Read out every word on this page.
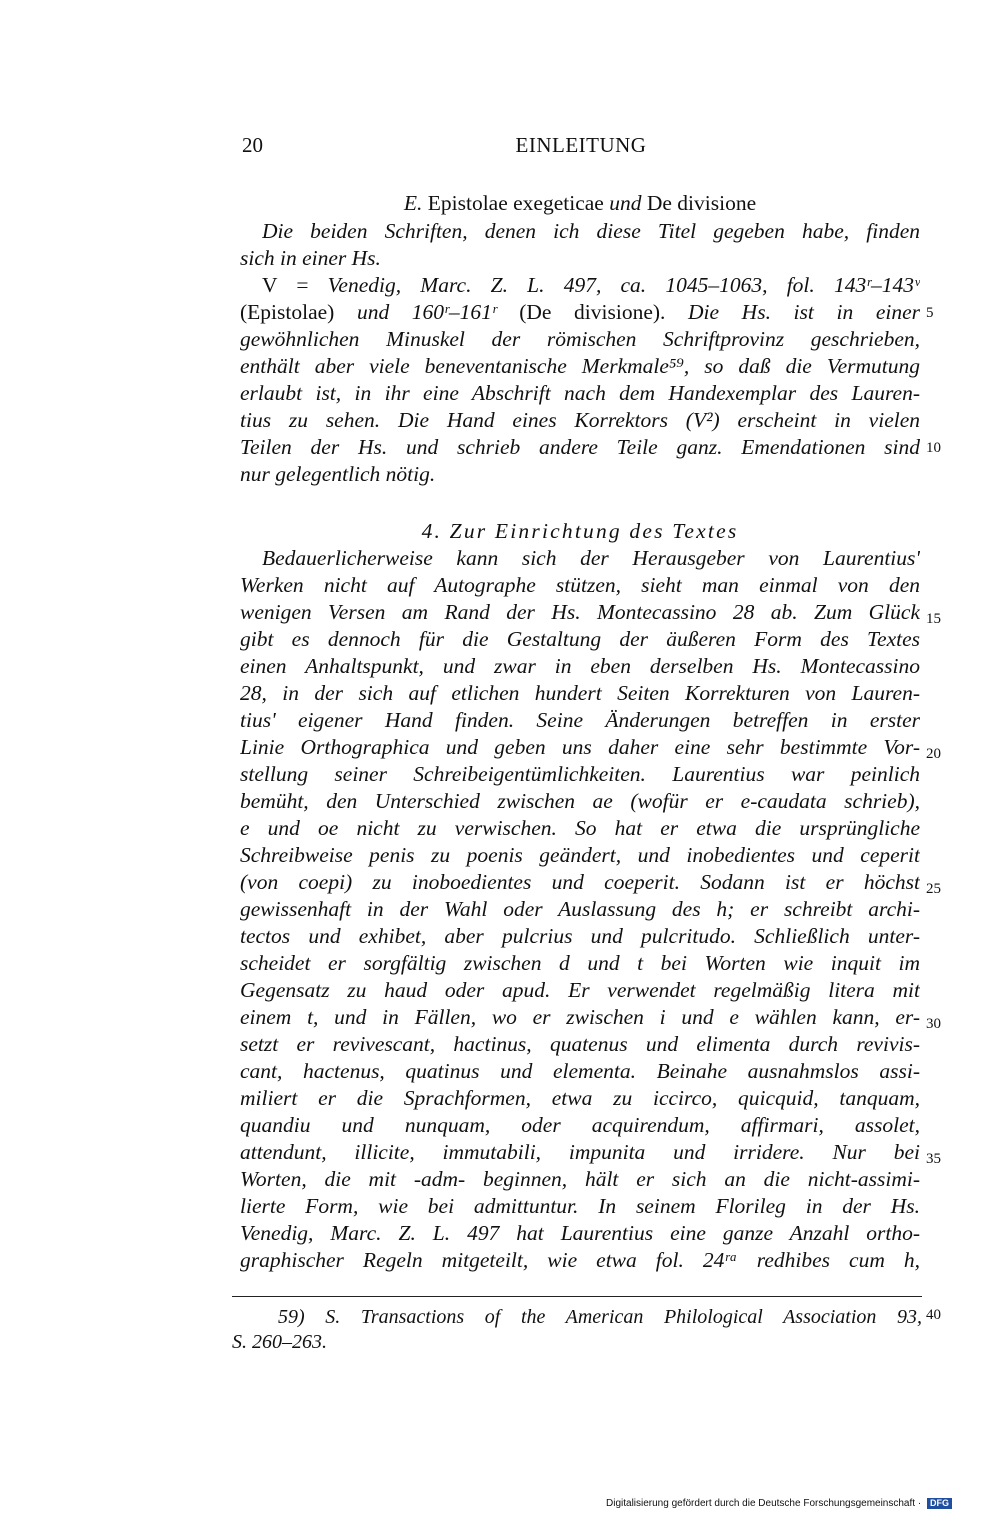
20	EINLEITUNG
E. Epistolae exegeticae und De divisione
Die beiden Schriften, denen ich diese Titel gegeben habe, finden
sich in einer Hs.
V = Venedig, Marc. Z. L. 497, ca. 1045–1063, fol. 143ʳ–143ᵛ
(Epistolae) und 160ʳ–161ʳ (De divisione). Die Hs. ist in einer
gewöhnlichen Minuskel der römischen Schriftprovinz geschrieben,
enthält aber viele beneventanische Merkmale⁵⁹, so daß die Vermutung
erlaubt ist, in ihr eine Abschrift nach dem Handexemplar des Lauren-
tius zu sehen. Die Hand eines Korrektors (V²) erscheint in vielen
Teilen der Hs. und schrieb andere Teile ganz. Emendationen sind
nur gelegentlich nötig.
4. Zur Einrichtung des Textes
Bedauerlicherweise kann sich der Herausgeber von Laurentius'
Werken nicht auf Autographe stützen, sieht man einmal von den
wenigen Versen am Rand der Hs. Montecassino 28 ab. Zum Glück
gibt es dennoch für die Gestaltung der äußeren Form des Textes
einen Anhaltspunkt, und zwar in eben derselben Hs. Montecassino
28, in der sich auf etlichen hundert Seiten Korrekturen von Lauren-
tius' eigener Hand finden. Seine Änderungen betreffen in erster
Linie Orthographica und geben uns daher eine sehr bestimmte Vor-
stellung seiner Schreibeigentümlichkeiten. Laurentius war peinlich
bemüht, den Unterschied zwischen ae (wofür er e-caudata schrieb),
e und oe nicht zu verwischen. So hat er etwa die ursprüngliche
Schreibweise penis zu poenis geändert, und inobedientes und ceperit
(von coepi) zu inoboedientes und coeperit. Sodann ist er höchst
gewissenhaft in der Wahl oder Auslassung des h; er schreibt archi-
tectos und exhibet, aber pulcrius und pulcritudo. Schließlich unter-
scheidet er sorgfältig zwischen d und t bei Worten wie inquit im
Gegensatz zu haud oder apud. Er verwendet regelmäßig litera mit
einem t, und in Fällen, wo er zwischen i und e wählen kann, er-
setzt er revivescant, hactinus, quatenus und elimenta durch revivis-
cant, hactenus, quatinus und elementa. Beinahe ausnahmslos assi-
miliert er die Sprachformen, etwa zu iccirco, quicquid, tanquam,
quandiu und nunquam, oder acquirendum, affirmari, assolet,
attendunt, illicite, immutabili, impunita und irridere. Nur bei
Worten, die mit -adm- beginnen, hält er sich an die nicht-assimi-
lierte Form, wie bei admittuntur. In seinem Florileg in der Hs.
Venedig, Marc. Z. L. 497 hat Laurentius eine ganze Anzahl ortho-
graphischer Regeln mitgeteilt, wie etwa fol. 24ʳᵃ redhibes cum h,
59) S. Transactions of the American Philological Association 93,
S. 260–263.
5
10
15
20
25
30
35
40
Digitalisierung gefördert durch die Deutsche Forschungsgemeinschaft · DFG
